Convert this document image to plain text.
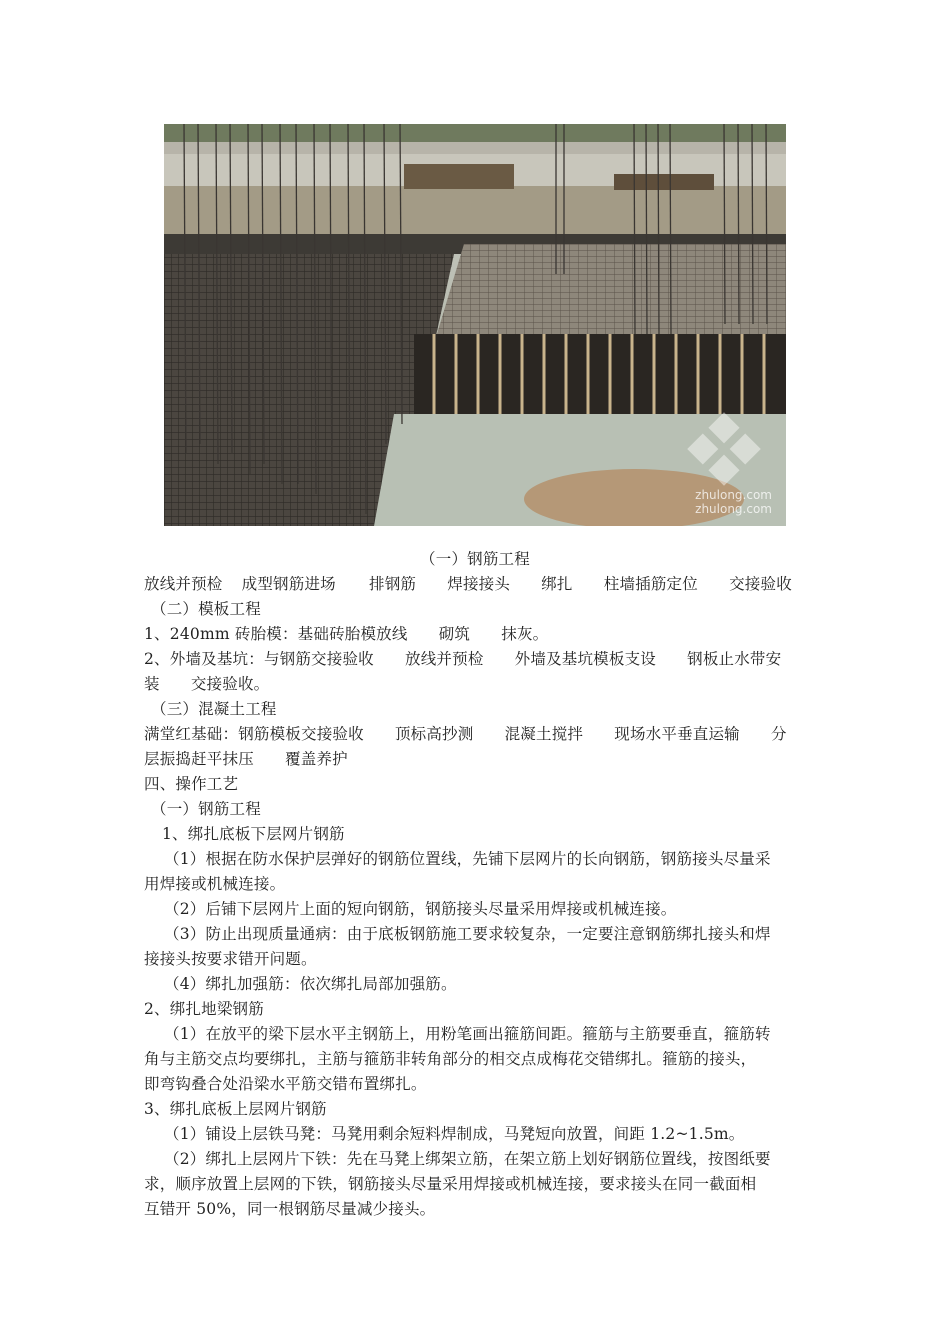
zhulong.com
zhulong.com

（一）钢筋工程

放线并预检 成型钢筋进场 排钢筋 焊接接头 绑扎 柱墙插筋定位 交接验收

（二）模板工程

1、240mm 砖胎模：基础砖胎模放线 砌筑 抹灰。

2、外墙及基坑：与钢筋交接验收 放线并预检 外墙及基坑模板支设 钢板止水带安

装 交接验收。

（三）混凝土工程

满堂红基础：钢筋模板交接验收 顶标高抄测 混凝土搅拌 现场水平垂直运输 分

层振捣赶平抹压 覆盖养护

四、操作工艺

（一）钢筋工程

1、绑扎底板下层网片钢筋

（1）根据在防水保护层弹好的钢筋位置线，先铺下层网片的长向钢筋，钢筋接头尽量采

用焊接或机械连接。

（2）后铺下层网片上面的短向钢筋，钢筋接头尽量采用焊接或机械连接。

（3）防止出现质量通病：由于底板钢筋施工要求较复杂，一定要注意钢筋绑扎接头和焊

接接头按要求错开问题。

（4）绑扎加强筋：依次绑扎局部加强筋。

2、绑扎地梁钢筋

（1）在放平的梁下层水平主钢筋上，用粉笔画出箍筋间距。箍筋与主筋要垂直，箍筋转

角与主筋交点均要绑扎，主筋与箍筋非转角部分的相交点成梅花交错绑扎。箍筋的接头，

即弯钩叠合处沿梁水平筋交错布置绑扎。

3、绑扎底板上层网片钢筋

（1）铺设上层铁马凳：马凳用剩余短料焊制成，马凳短向放置，间距 1.2~1.5m。

（2）绑扎上层网片下铁：先在马凳上绑架立筋，在架立筋上划好钢筋位置线，按图纸要

求，顺序放置上层网的下铁，钢筋接头尽量采用焊接或机械连接，要求接头在同一截面相

互错开 50%，同一根钢筋尽量减少接头。
